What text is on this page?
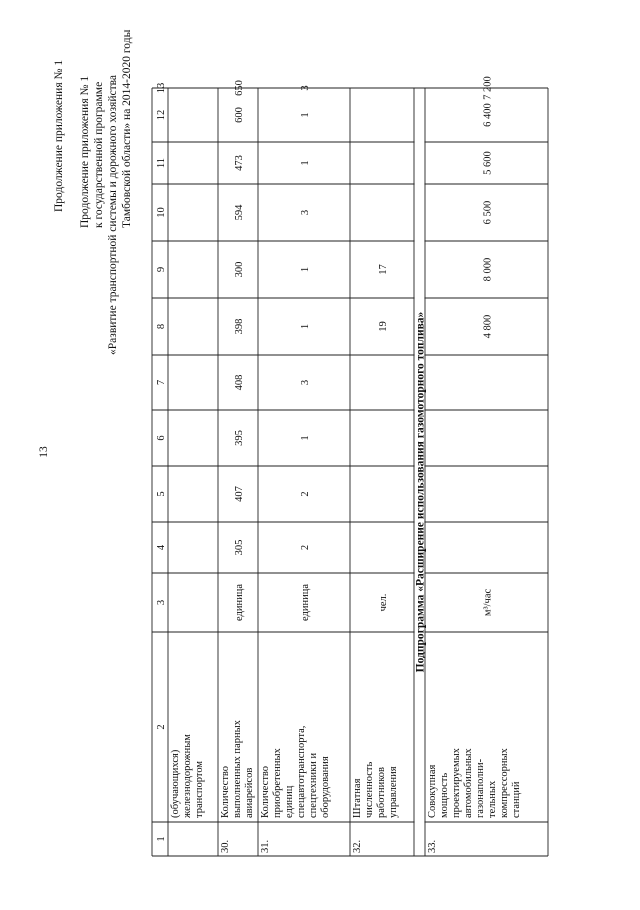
13
Продолжение приложения № 1 Продолжение приложения № 1 к государственной программе «Развитие транспортной системы и дорожного хозяйства Тамбовской области» на 2014-2020 годы
1
2
3
4
5
6
7
8
9
10
11
12
13
(обучающихся) железнодорожным транспортом
30.
Количество выполненных парных авиарейсов
единица
305
407
395
408
398
300
594
473
600
650
31.
Количество приобретенных единиц спецавтотранспорта, спецтехники и оборудования
единица
2
2
1
3
1
1
3
1
1
3
32.
Штатная численность работников управления
чел.
19
17
33.
Совокупная мощность проектируемых автомобильных газонаполни- тельных компрессорных станций
м³/час
4 800
8 000
6 500
5 600
6 400
7 200
Подпрограмма «Расширение использования газомоторного топлива»
